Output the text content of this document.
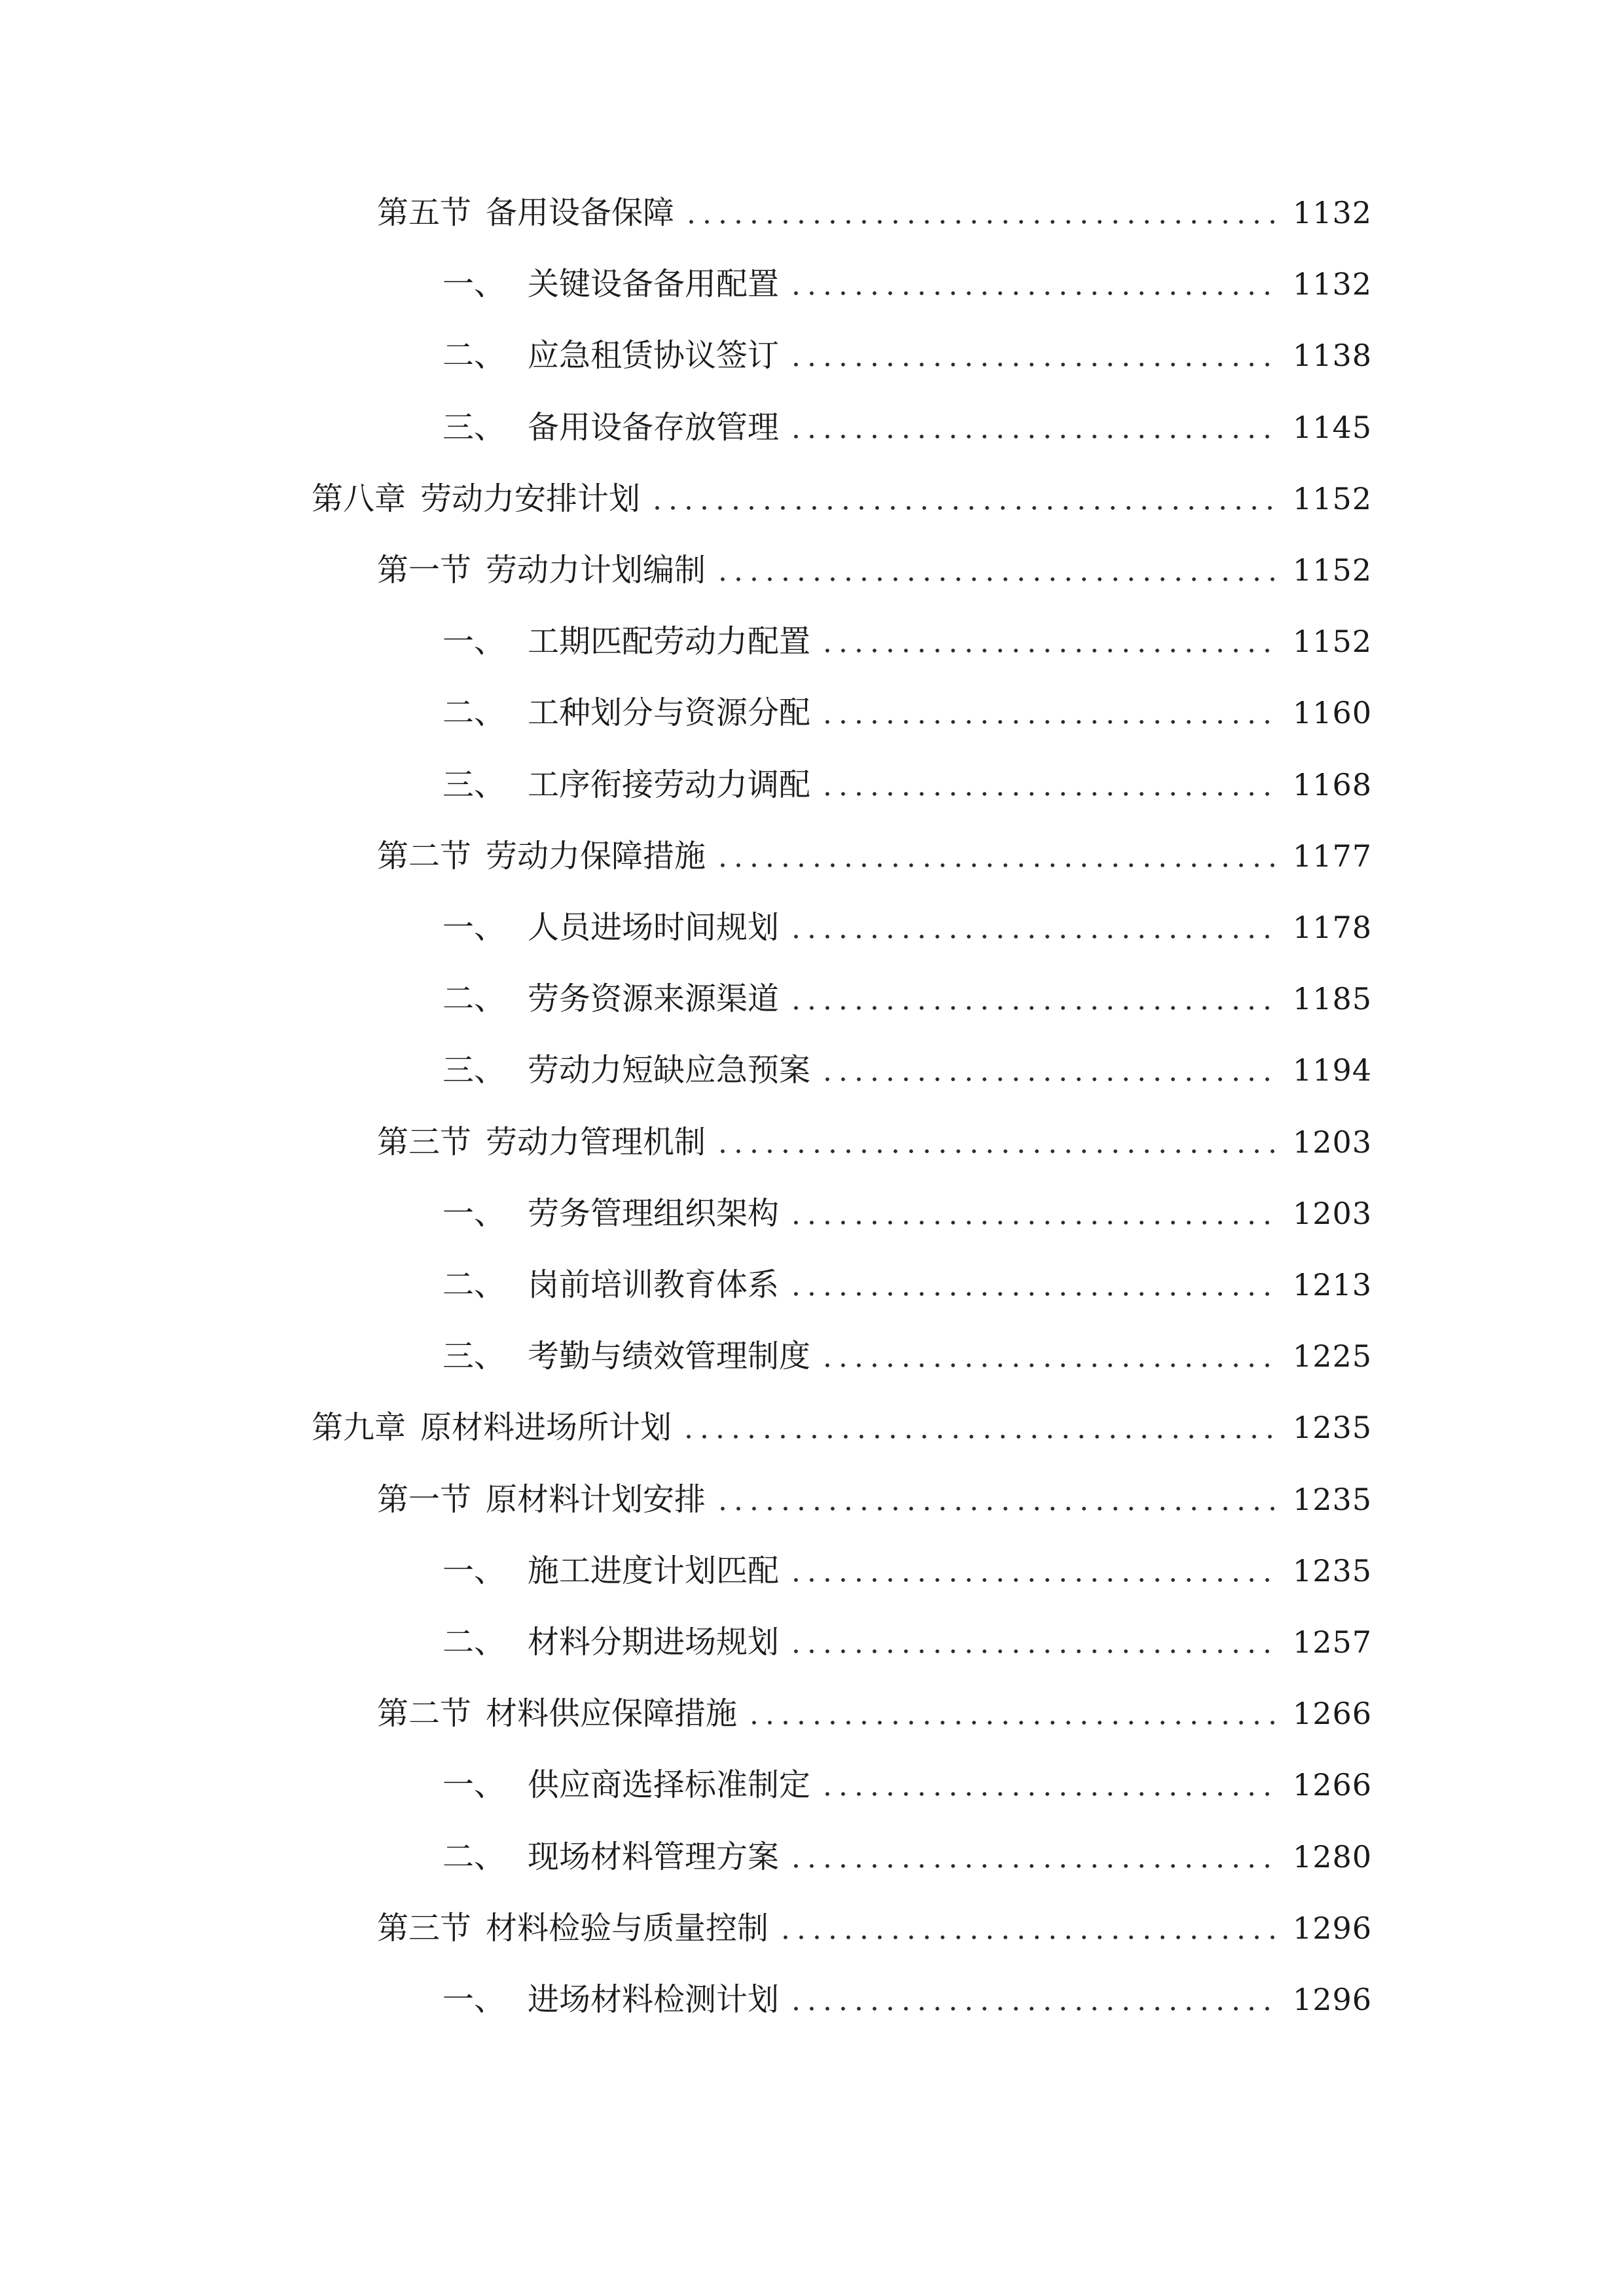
第五节 备用设备保障	1132
一、 关键设备备用配置	1132
二、 应急租赁协议签订	1138
三、 备用设备存放管理	1145
第八章 劳动力安排计划	1152
第一节 劳动力计划编制	1152
一、 工期匹配劳动力配置	1152
二、 工种划分与资源分配	1160
三、 工序衔接劳动力调配	1168
第二节 劳动力保障措施	1177
一、 人员进场时间规划	1178
二、 劳务资源来源渠道	1185
三、 劳动力短缺应急预案	1194
第三节 劳动力管理机制	1203
一、 劳务管理组织架构	1203
二、 岗前培训教育体系	1213
三、 考勤与绩效管理制度	1225
第九章 原材料进场所计划	1235
第一节 原材料计划安排	1235
一、 施工进度计划匹配	1235
二、 材料分期进场规划	1257
第二节 材料供应保障措施	1266
一、 供应商选择标准制定	1266
二、 现场材料管理方案	1280
第三节 材料检验与质量控制	1296
一、 进场材料检测计划	1296
